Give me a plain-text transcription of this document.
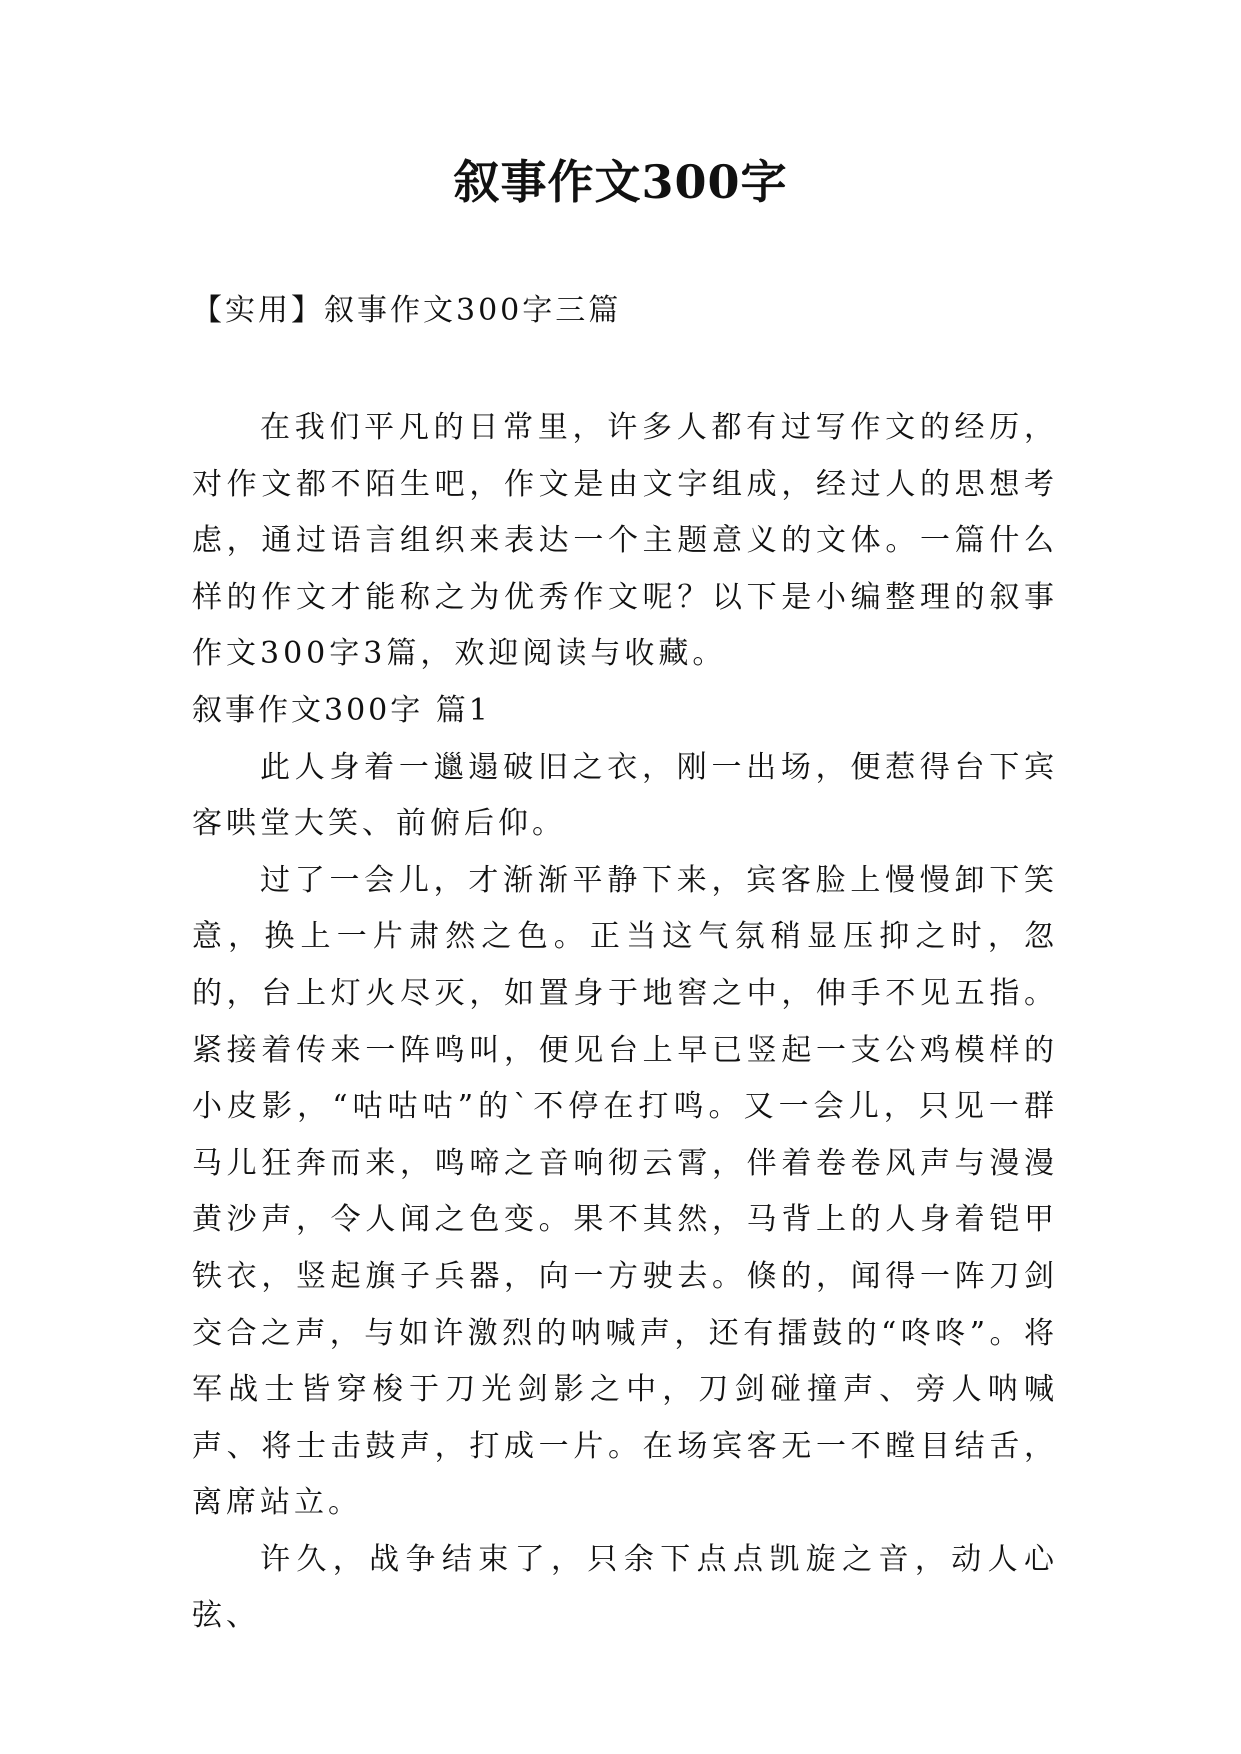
叙事作文300字

【实用】叙事作文300字三篇

在我们平凡的日常里，许多人都有过写作文的经历，对作文都不陌生吧，作文是由文字组成，经过人的思想考虑，通过语言组织来表达一个主题意义的文体。一篇什么样的作文才能称之为优秀作文呢？以下是小编整理的叙事作文300字3篇，欢迎阅读与收藏。

叙事作文300字 篇1

此人身着一邋遢破旧之衣，刚一出场，便惹得台下宾客哄堂大笑、前俯后仰。

过了一会儿，才渐渐平静下来，宾客脸上慢慢卸下笑意，换上一片肃然之色。正当这气氛稍显压抑之时，忽的，台上灯火尽灭，如置身于地窖之中，伸手不见五指。紧接着传来一阵鸣叫，便见台上早已竖起一支公鸡模样的小皮影，“咕咕咕”的`不停在打鸣。又一会儿，只见一群马儿狂奔而来，鸣啼之音响彻云霄，伴着卷卷风声与漫漫黄沙声，令人闻之色变。果不其然，马背上的人身着铠甲铁衣，竖起旗子兵器，向一方驶去。倏的，闻得一阵刀剑交合之声，与如许激烈的呐喊声，还有擂鼓的“咚咚”。将军战士皆穿梭于刀光剑影之中，刀剑碰撞声、旁人呐喊声、将士击鼓声，打成一片。在场宾客无一不瞠目结舌，离席站立。

许久，战争结束了，只余下点点凯旋之音，动人心弦、
